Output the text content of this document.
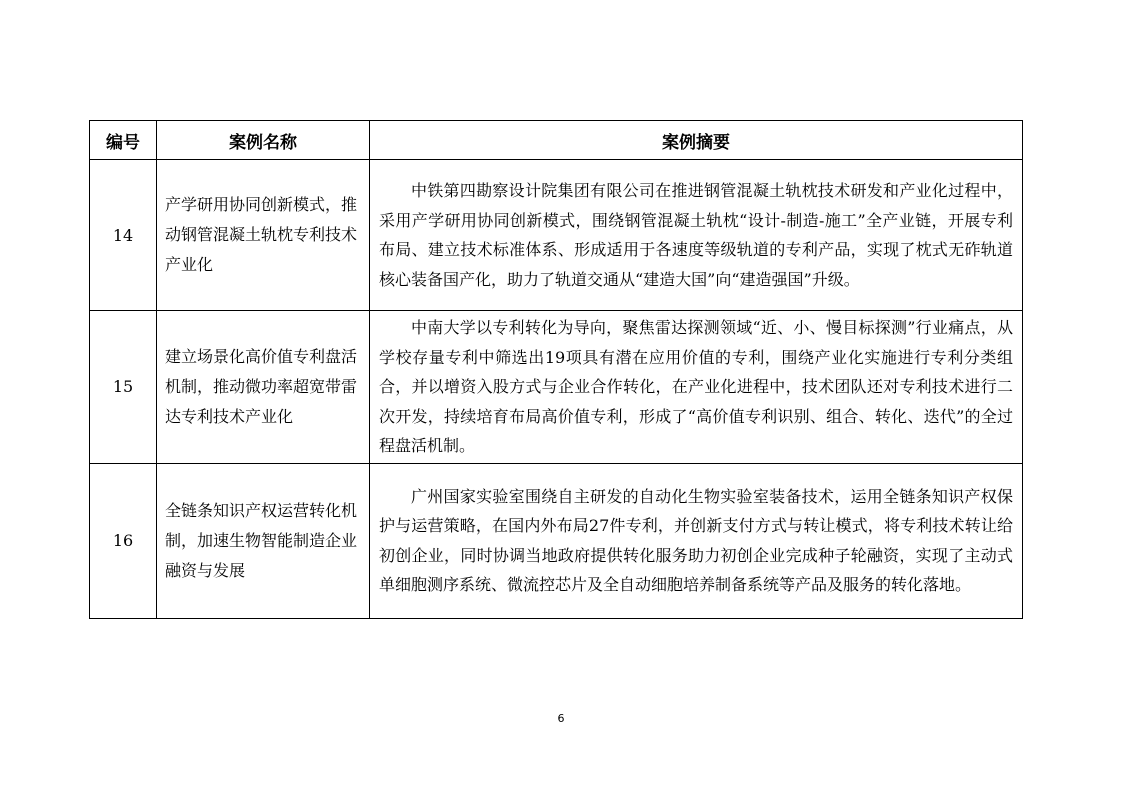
编号	案例名称	案例摘要
14	产学研用协同创新模式，推动钢管混凝土轨枕专利技术产业化	中铁第四勘察设计院集团有限公司在推进钢管混凝土轨枕技术研发和产业化过程中，采用产学研用协同创新模式，围绕钢管混凝土轨枕“设计-制造-施工”全产业链，开展专利布局、建立技术标准体系、形成适用于各速度等级轨道的专利产品，实现了枕式无砟轨道核心装备国产化，助力了轨道交通从“建造大国”向“建造强国”升级。
15	建立场景化高价值专利盘活机制，推动微功率超宽带雷达专利技术产业化	中南大学以专利转化为导向，聚焦雷达探测领域“近、小、慢目标探测”行业痛点，从学校存量专利中筛选出19项具有潜在应用价值的专利，围绕产业化实施进行专利分类组合，并以增资入股方式与企业合作转化，在产业化进程中，技术团队还对专利技术进行二次开发，持续培育布局高价值专利，形成了“高价值专利识别、组合、转化、迭代”的全过程盘活机制。
16	全链条知识产权运营转化机制，加速生物智能制造企业融资与发展	广州国家实验室围绕自主研发的自动化生物实验室装备技术，运用全链条知识产权保护与运营策略，在国内外布局27件专利，并创新支付方式与转让模式，将专利技术转让给初创企业，同时协调当地政府提供转化服务助力初创企业完成种子轮融资，实现了主动式单细胞测序系统、微流控芯片及全自动细胞培养制备系统等产品及服务的转化落地。
6
